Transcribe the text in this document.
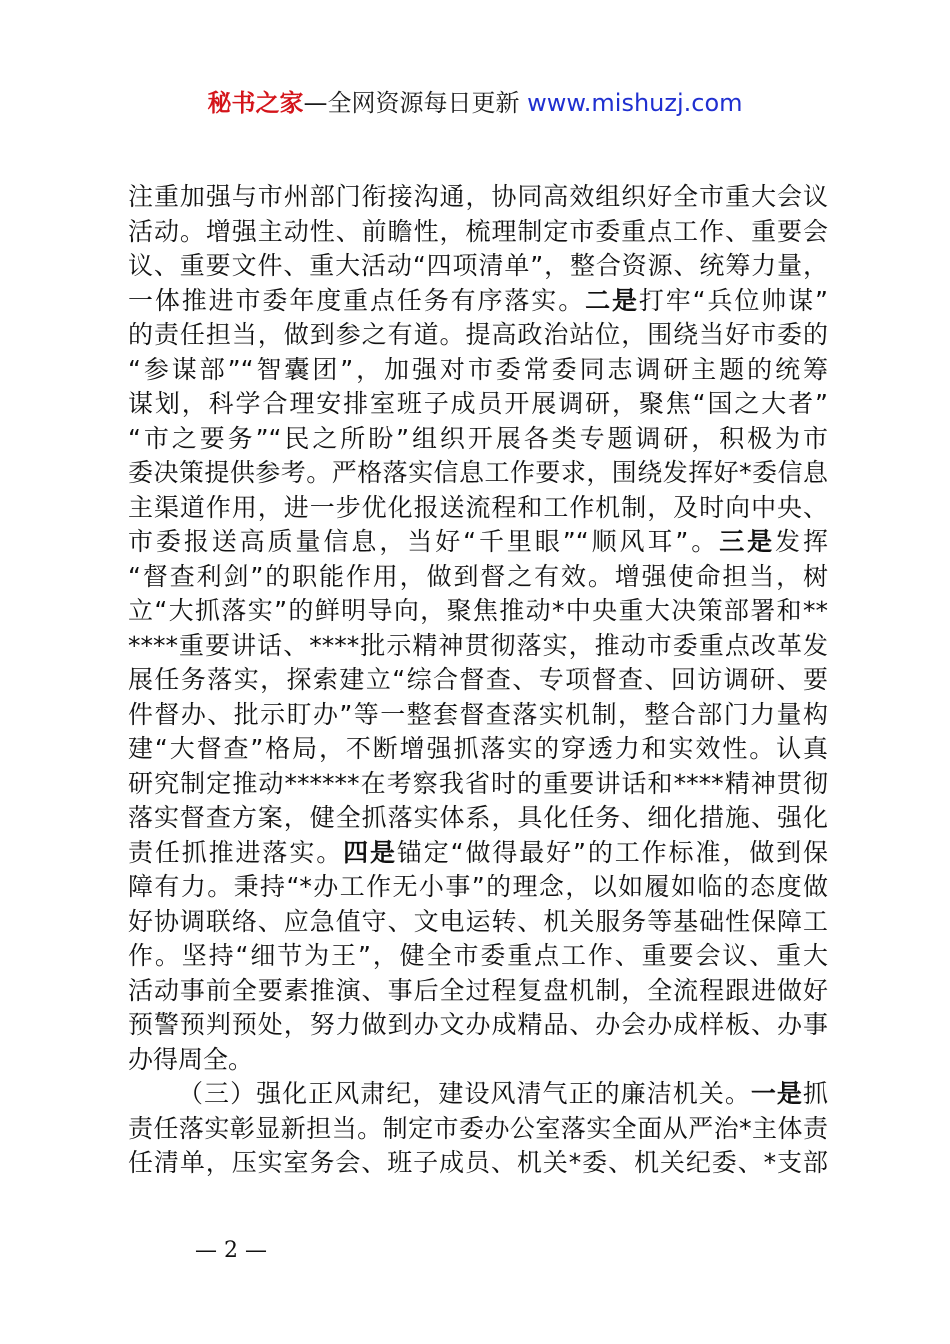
秘书之家—全网资源每日更新 www.mishuzj.com
注重加强与市州部门衔接沟通，协同高效组织好全市重大会议
活动。增强主动性、前瞻性，梳理制定市委重点工作、重要会
议、重要文件、重大活动“四项清单”，整合资源、统筹力量，
一体推进市委年度重点任务有序落实。二是打牢“兵位帅谋”
的责任担当，做到参之有道。提高政治站位，围绕当好市委的
“参谋部”“智囊团”，加强对市委常委同志调研主题的统筹
谋划，科学合理安排室班子成员开展调研，聚焦“国之大者”
“市之要务”“民之所盼”组织开展各类专题调研，积极为市
委决策提供参考。严格落实信息工作要求，围绕发挥好*委信息
主渠道作用，进一步优化报送流程和工作机制，及时向中央、
市委报送高质量信息，当好“千里眼”“顺风耳”。三是发挥
“督查利剑”的职能作用，做到督之有效。增强使命担当，树
立“大抓落实”的鲜明导向，聚焦推动*中央重大决策部署和**
****重要讲话、****批示精神贯彻落实，推动市委重点改革发
展任务落实，探索建立“综合督查、专项督查、回访调研、要
件督办、批示盯办”等一整套督查落实机制，整合部门力量构
建“大督查”格局，不断增强抓落实的穿透力和实效性。认真
研究制定推动******在考察我省时的重要讲话和****精神贯彻
落实督查方案，健全抓落实体系，具化任务、细化措施、强化
责任抓推进落实。四是锚定“做得最好”的工作标准，做到保
障有力。秉持“*办工作无小事”的理念，以如履如临的态度做
好协调联络、应急值守、文电运转、机关服务等基础性保障工
作。坚持“细节为王”，健全市委重点工作、重要会议、重大
活动事前全要素推演、事后全过程复盘机制，全流程跟进做好
预警预判预处，努力做到办文办成精品、办会办成样板、办事
办得周全。
（三）强化正风肃纪，建设风清气正的廉洁机关。一是抓
责任落实彰显新担当。制定市委办公室落实全面从严治*主体责
任清单，压实室务会、班子成员、机关*委、机关纪委、*支部
— 2 —
